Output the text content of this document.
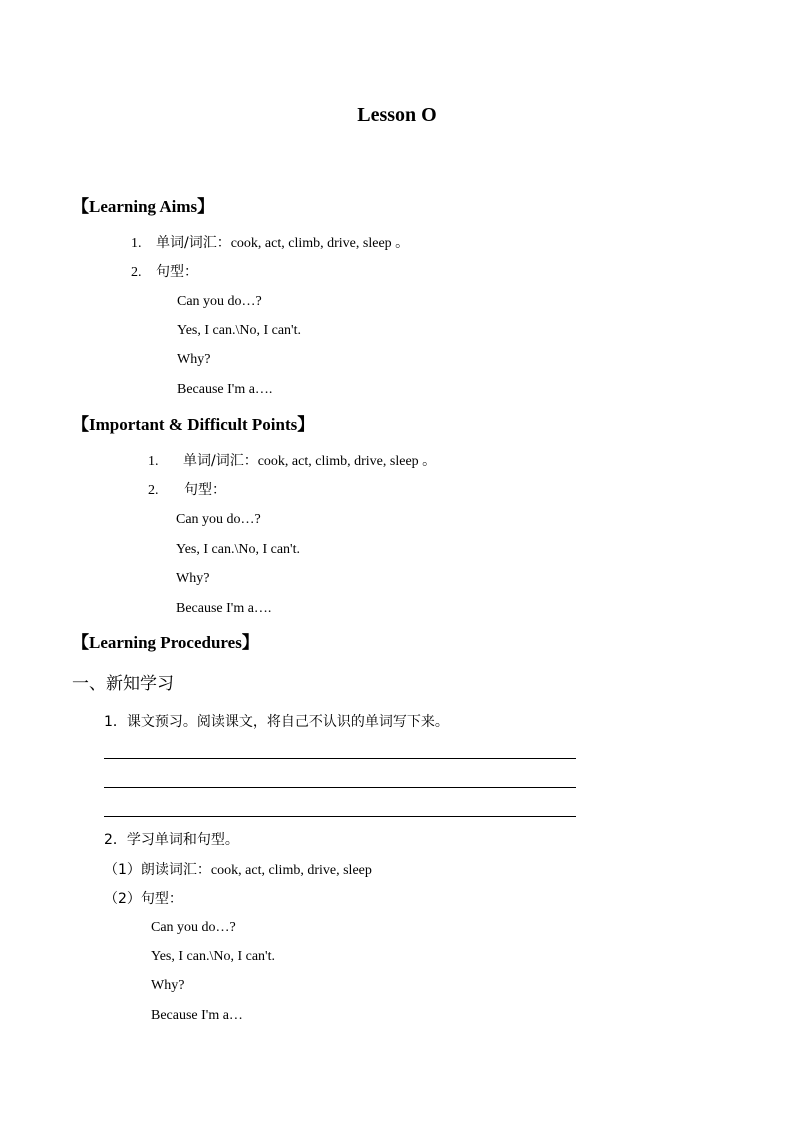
Lesson O
【Learning Aims】
1. 单词/词汇：cook, act, climb, drive, sleep 。
2. 句型：
Can you do…?
Yes, I can.\No, I can't.
Why?
Because I'm a….
【Important & Difficult Points】
1. 单词/词汇：cook, act, climb, drive, sleep 。
2. 句型：
Can you do…?
Yes, I can.\No, I can't.
Why?
Because I'm a….
【Learning Procedures】
一、新知学习
1．课文预习。阅读课文，将自己不认识的单词写下来。
2．学习单词和句型。
（1）朗读词汇：cook, act, climb, drive, sleep
（2）句型：
Can you do…?
Yes, I can.\No, I can't.
Why?
Because I'm a…
